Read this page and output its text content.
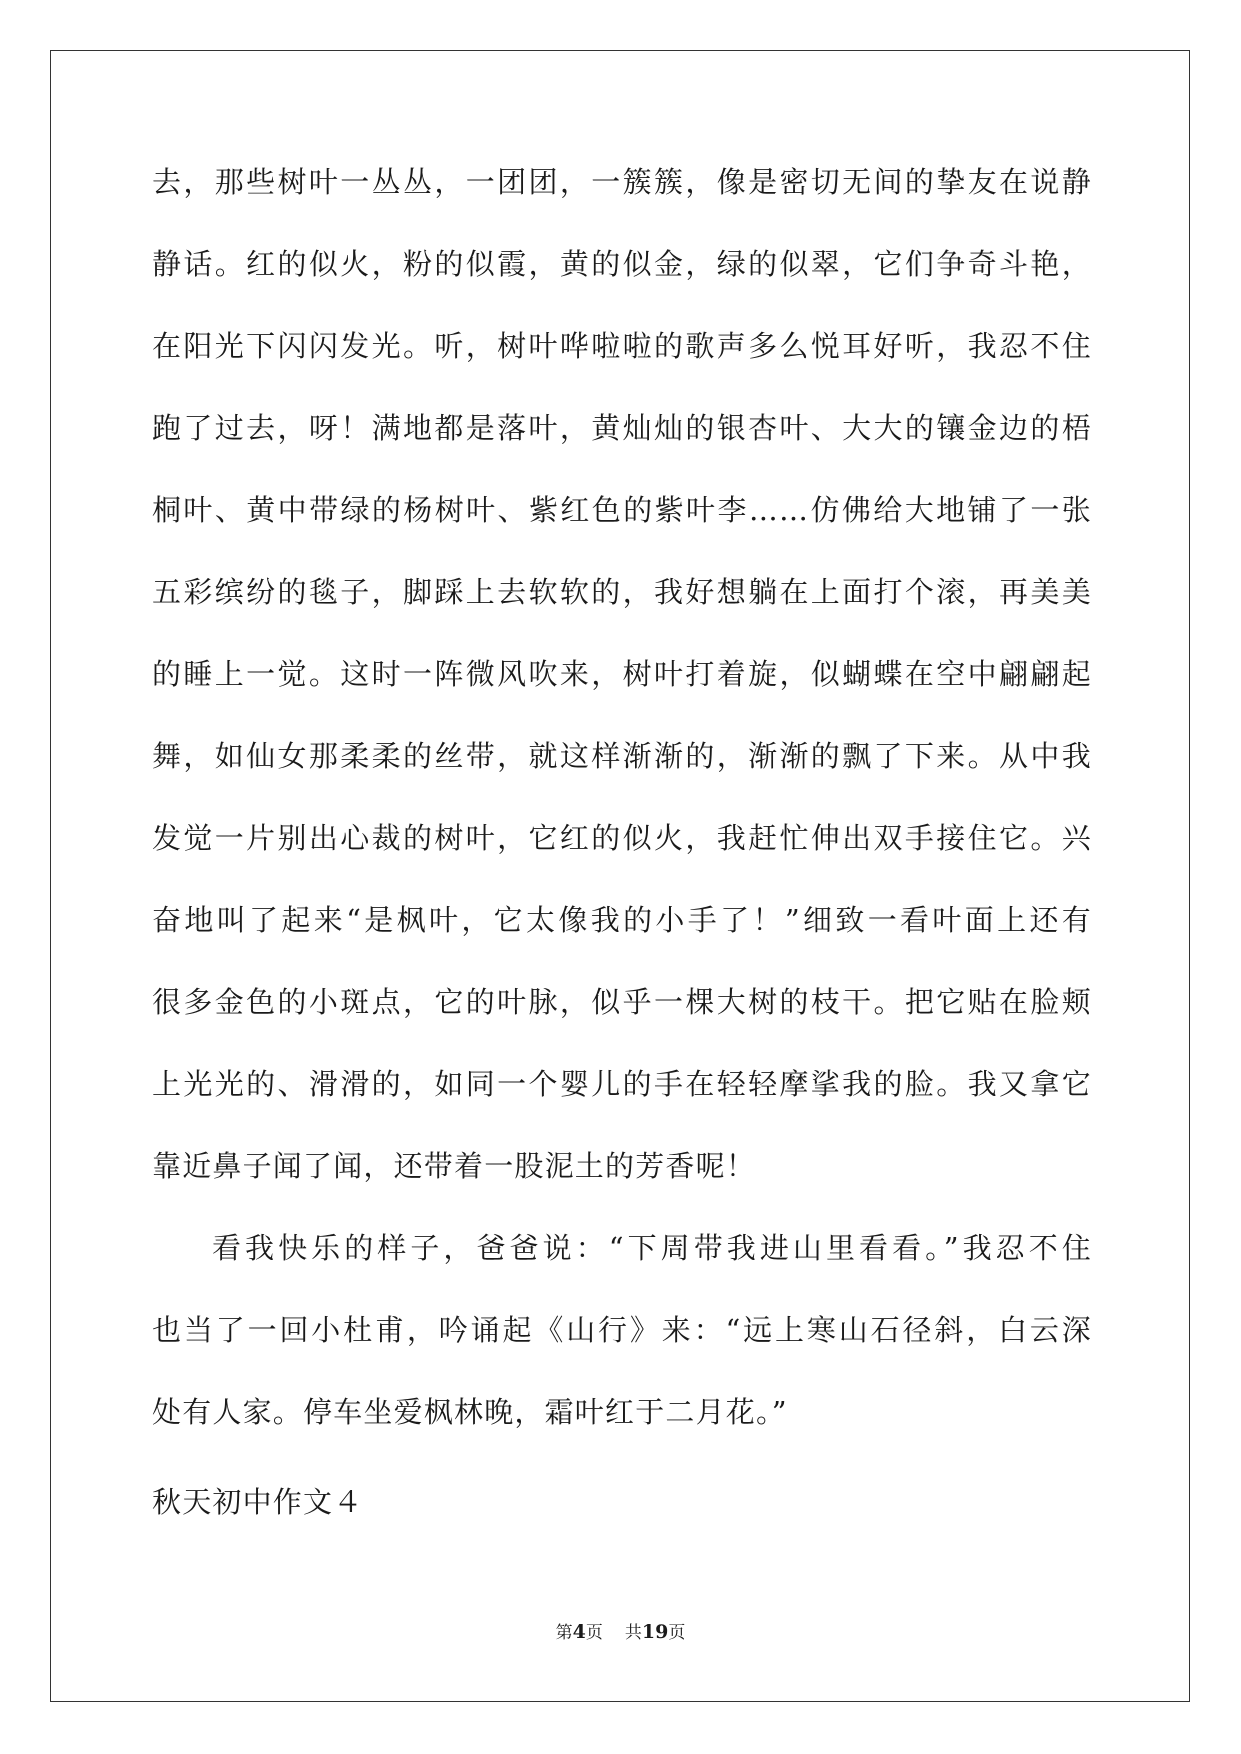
去，那些树叶一丛丛，一团团，一簇簇，像是密切无间的挚友在说静
静话。红的似火，粉的似霞，黄的似金，绿的似翠，它们争奇斗艳，
在阳光下闪闪发光。听，树叶哗啦啦的歌声多么悦耳好听，我忍不住
跑了过去，呀！满地都是落叶，黄灿灿的银杏叶、大大的镶金边的梧
桐叶、黄中带绿的杨树叶、紫红色的紫叶李……仿佛给大地铺了一张
五彩缤纷的毯子，脚踩上去软软的，我好想躺在上面打个滚，再美美
的睡上一觉。这时一阵微风吹来，树叶打着旋，似蝴蝶在空中翩翩起
舞，如仙女那柔柔的丝带，就这样渐渐的，渐渐的飘了下来。从中我
发觉一片别出心裁的树叶，它红的似火，我赶忙伸出双手接住它。兴
奋地叫了起来“是枫叶，它太像我的小手了！”细致一看叶面上还有
很多金色的小斑点，它的叶脉，似乎一棵大树的枝干。把它贴在脸颊
上光光的、滑滑的，如同一个婴儿的手在轻轻摩挲我的脸。我又拿它
靠近鼻子闻了闻，还带着一股泥土的芳香呢！
看我快乐的样子，爸爸说：“下周带我进山里看看。”我忍不住
也当了一回小杜甫，吟诵起《山行》来：“远上寒山石径斜，白云深
处有人家。停车坐爱枫林晚，霜叶红于二月花。”
秋天初中作文４
第4页 共19页
